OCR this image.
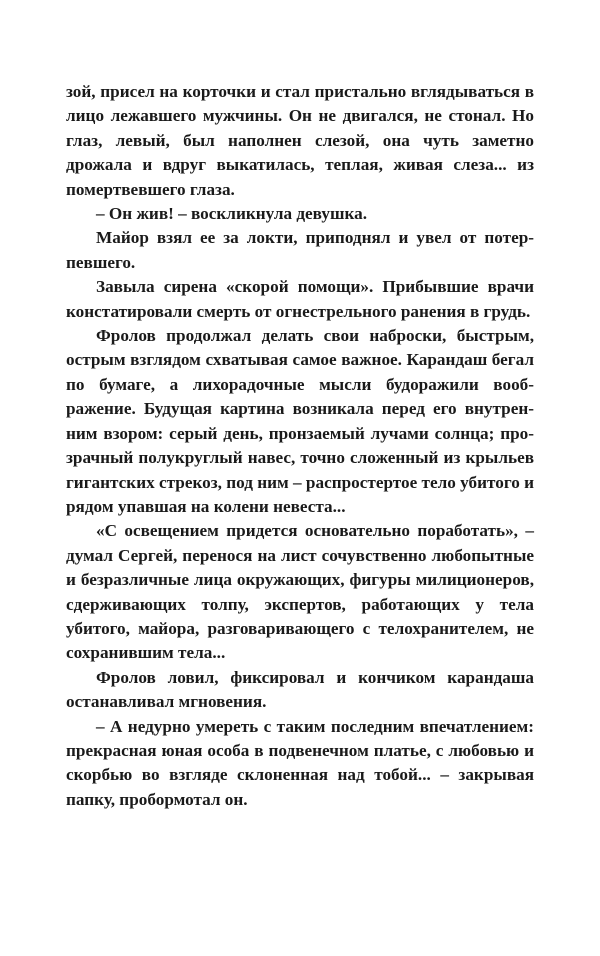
зой, присел на корточки и стал пристально вглядываться в лицо лежавшего мужчины. Он не двигался, не стонал. Но глаз, левый, был наполнен слезой, она чуть заметно дрожала и вдруг выкатилась, теплая, живая слеза... из помертвевшего глаза.

– Он жив! – воскликнула девушка.

Майор взял ее за локти, приподнял и увел от потерпевшего.

Завыла сирена «скорой помощи». Прибывшие врачи констатировали смерть от огнестрельного ранения в грудь.

Фролов продолжал делать свои наброски, быстрым, острым взглядом схватывая самое важное. Карандаш бегал по бумаге, а лихорадочные мысли будоражили воображение. Будущая картина возникала перед его внутренним взором: серый день, пронзаемый лучами солнца; прозрачный полукруглый навес, точно сложенный из крыльев гигантских стрекоз, под ним – распростертое тело убитого и рядом упавшая на колени невеста...

«С освещением придется основательно поработать», – думал Сергей, перенося на лист сочувственно любопытные и безразличные лица окружающих, фигуры милиционеров, сдерживающих толпу, экспертов, работающих у тела убитого, майора, разговаривающего с телохранителем, не сохранившим тела...

Фролов ловил, фиксировал и кончиком карандаша останавливал мгновения.

– А недурно умереть с таким последним впечатлением: прекрасная юная особа в подвенечном платье, с любовью и скорбью во взгляде склоненная над тобой... – закрывая папку, пробормотал он.
